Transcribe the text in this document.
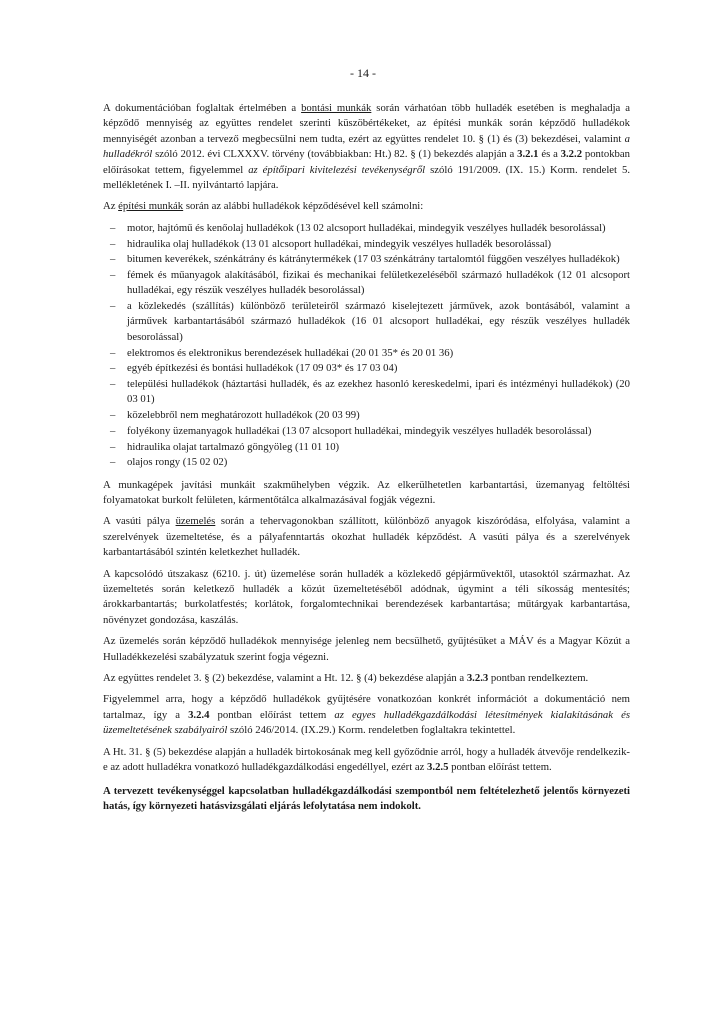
- 14 -

A dokumentációban foglaltak értelmében a bontási munkák során várhatóan több hulladék esetében is meghaladja a képződő mennyiség az együttes rendelet szerinti küszöbértékeket, az építési munkák során képződő hulladékok mennyiségét azonban a tervező megbecsülni nem tudta, ezért az együttes rendelet 10. § (1) és (3) bekezdései, valamint a hulladékról szóló 2012. évi CLXXXV. törvény (továbbiakban: Ht.) 82. § (1) bekezdés alapján a 3.2.1 és a 3.2.2 pontokban előírásokat tettem, figyelemmel az építőipari kivitelezési tevékenységről szóló 191/2009. (IX. 15.) Korm. rendelet 5. mellékletének I. –II. nyilvántartó lapjára.

Az építési munkák során az alábbi hulladékok képződésével kell számolni:

– motor, hajtómű és kenőolaj hulladékok (13 02 alcsoport hulladékai, mindegyik veszélyes hulladék besorolással)
– hidraulika olaj hulladékok (13 01 alcsoport hulladékai, mindegyik veszélyes hulladék besorolással)
– bitumen keverékek, szénkátrány és kátránytermékek (17 03 szénkátrány tartalomtól függően veszélyes hulladékok)
– fémek és műanyagok alakításából, fizikai és mechanikai felületkezeléséből származó hulladékok (12 01 alcsoport hulladékai, egy részük veszélyes hulladék besorolással)
– a közlekedés (szállítás) különböző területeiről származó kiselejtezett járművek, azok bontásából, valamint a járművek karbantartásából származó hulladékok (16 01 alcsoport hulladékai, egy részük veszélyes hulladék besorolással)
– elektromos és elektronikus berendezések hulladékai (20 01 35* és 20 01 36)
– egyéb építkezési és bontási hulladékok (17 09 03* és 17 03 04)
– települési hulladékok (háztartási hulladék, és az ezekhez hasonló kereskedelmi, ipari és intézményi hulladékok) (20 03 01)
– közelebbről nem meghatározott hulladékok (20 03 99)
– folyékony üzemanyagok hulladékai (13 07 alcsoport hulladékai, mindegyik veszélyes hulladék besorolással)
– hidraulika olajat tartalmazó göngyöleg (11 01 10)
– olajos rongy (15 02 02)

A munkagépek javítási munkáit szakműhelyben végzik. Az elkerülhetetlen karbantartási, üzemanyag feltöltési folyamatokat burkolt felületen, kármentőtálca alkalmazásával fogják végezni.

A vasúti pálya üzemelés során a tehervagonokban szállított, különböző anyagok kiszóródása, elfolyása, valamint a szerelvények üzemeltetése, és a pályafenntartás okozhat hulladék képződést. A vasúti pálya és a szerelvények karbantartásából szintén keletkezhet hulladék.

A kapcsolódó útszakasz (6210. j. út) üzemelése során hulladék a közlekedő gépjárművektől, utasoktól származhat. Az üzemeltetés során keletkező hulladék a közút üzemeltetéséből adódnak, úgymint a téli síkosság mentesítés; árokkarbantartás; burkolatfestés; korlátok, forgalomtechnikai berendezések karbantartása; műtárgyak karbantartása, növényzet gondozása, kaszálás.

Az üzemelés során képződő hulladékok mennyisége jelenleg nem becsülhető, gyűjtésüket a MÁV és a Magyar Közút a Hulladékkezelési szabályzatuk szerint fogja végezni.

Az együttes rendelet 3. § (2) bekezdése, valamint a Ht. 12. § (4) bekezdése alapján a 3.2.3 pontban rendelkeztem.

Figyelemmel arra, hogy a képződő hulladékok gyűjtésére vonatkozóan konkrét információt a dokumentáció nem tartalmaz, így a 3.2.4 pontban előírást tettem az egyes hulladékgazdálkodási létesítmények kialakításának és üzemeltetésének szabályairól szóló 246/2014. (IX.29.) Korm. rendeletben foglaltakra tekintettel.

A Ht. 31. § (5) bekezdése alapján a hulladék birtokosának meg kell győződnie arról, hogy a hulladék átvevője rendelkezik-e az adott hulladékra vonatkozó hulladékgazdálkodási engedéllyel, ezért az 3.2.5 pontban előírást tettem.

A tervezett tevékenységgel kapcsolatban hulladékgazdálkodási szempontból nem feltételezhető jelentős környezeti hatás, így környezeti hatásvizsgálati eljárás lefolytatása nem indokolt.
